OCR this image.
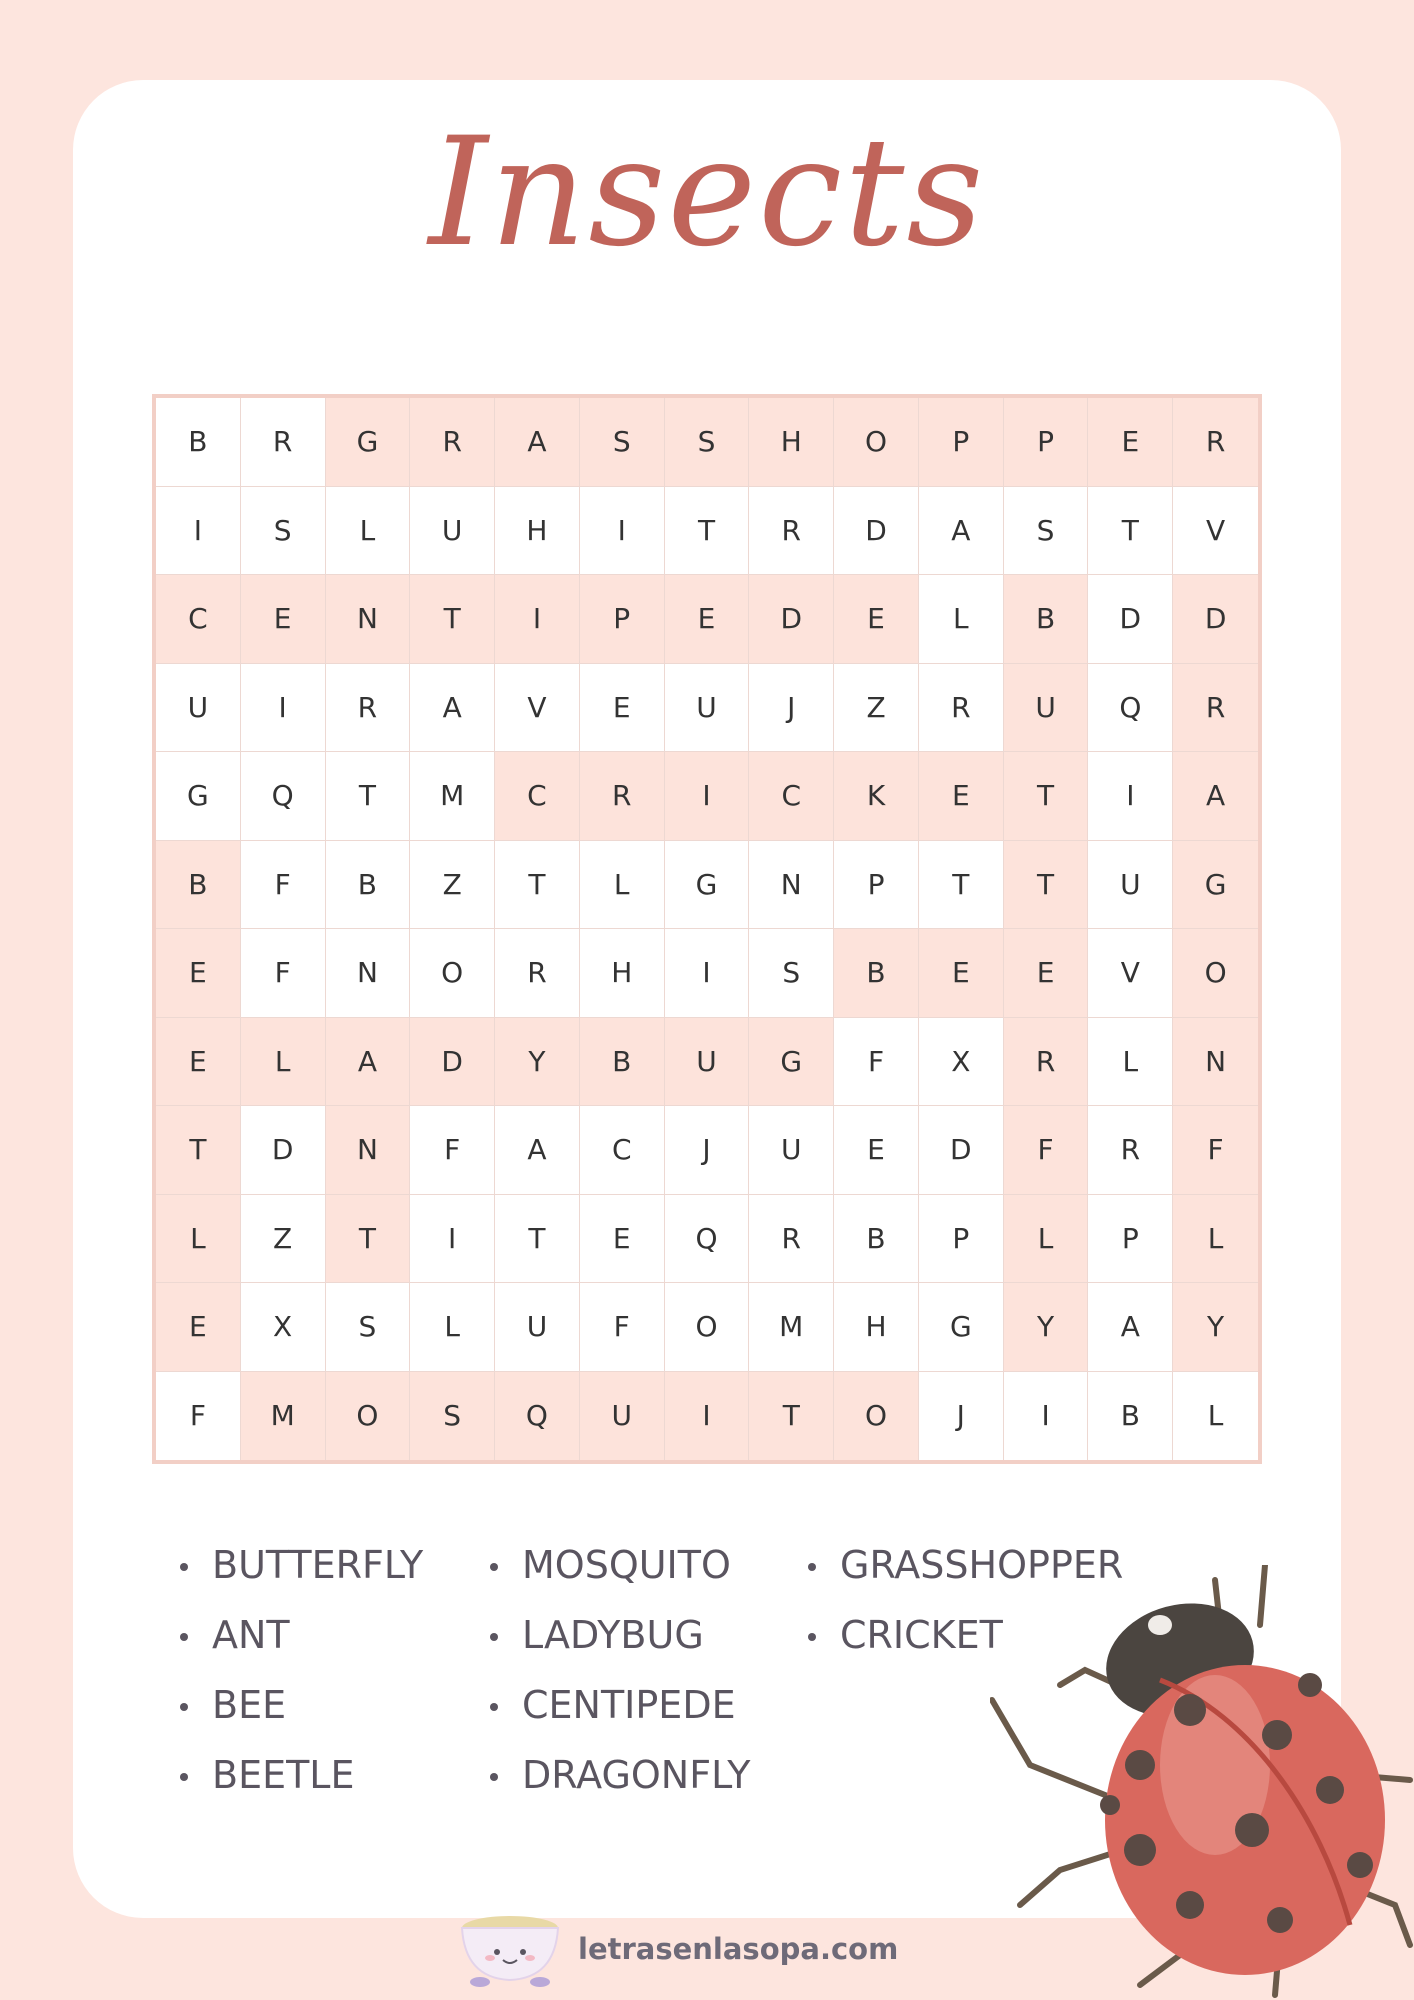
Insects
B	R	G	R	A	S	S	H	O	P	P	E	R
I	S	L	U	H	I	T	R	D	A	S	T	V
C	E	N	T	I	P	E	D	E	L	B	D	D
U	I	R	A	V	E	U	J	Z	R	U	Q	R
G	Q	T	M	C	R	I	C	K	E	T	I	A
B	F	B	Z	T	L	G	N	P	T	T	U	G
E	F	N	O	R	H	I	S	B	E	E	V	O
E	L	A	D	Y	B	U	G	F	X	R	L	N
T	D	N	F	A	C	J	U	E	D	F	R	F
L	Z	T	I	T	E	Q	R	B	P	L	P	L
E	X	S	L	U	F	O	M	H	G	Y	A	Y
F	M	O	S	Q	U	I	T	O	J	I	B	L
BUTTERFLY
ANT
BEE
BEETLE
MOSQUITO
LADYBUG
CENTIPEDE
DRAGONFLY
GRASSHOPPER
CRICKET
letrasenlasopa.com
